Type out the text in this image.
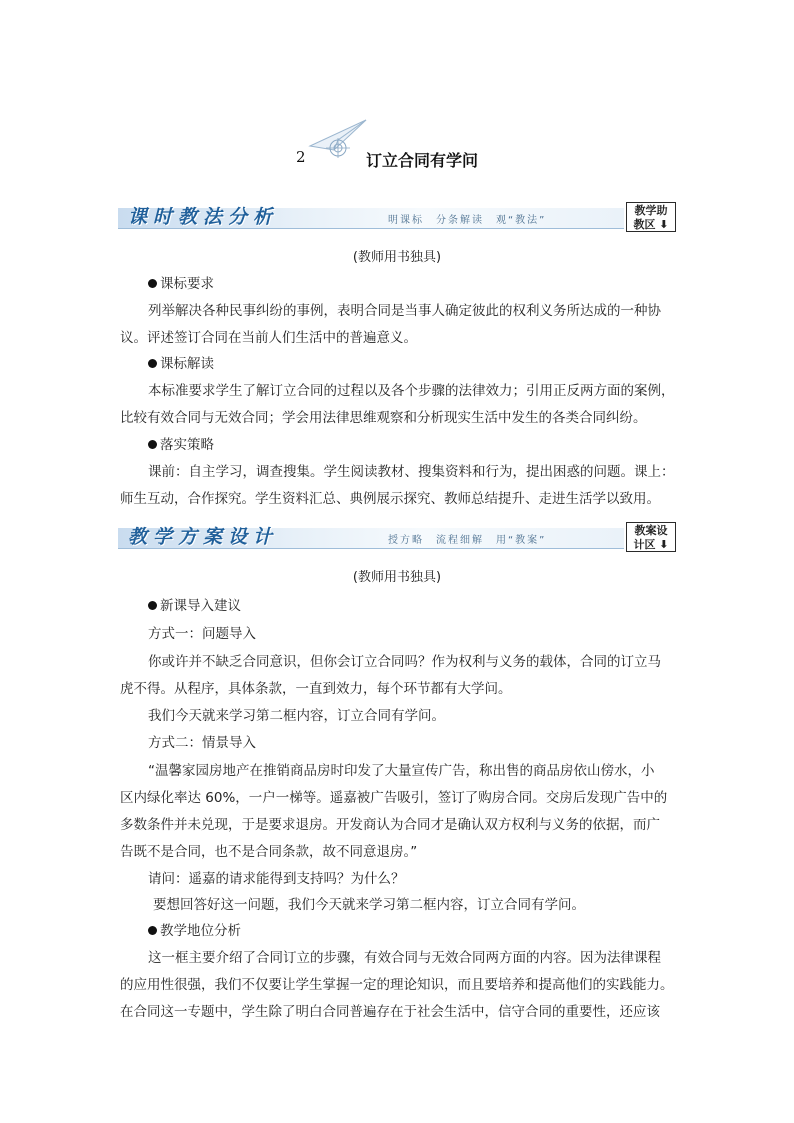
2	订立合同有学问
课时教法分析	明课标　分条解读　观“教法”
教学助
教区 ⬇
(教师用书独具)
课标要求
列举解决各种民事纠纷的事例，表明合同是当事人确定彼此的权利义务所达成的一种协
议。评述签订合同在当前人们生活中的普遍意义。
课标解读
本标准要求学生了解订立合同的过程以及各个步骤的法律效力；引用正反两方面的案例，
比较有效合同与无效合同；学会用法律思维观察和分析现实生活中发生的各类合同纠纷。
落实策略
课前：自主学习，调查搜集。学生阅读教材、搜集资料和行为，提出困惑的问题。课上：
师生互动，合作探究。学生资料汇总、典例展示探究、教师总结提升、走进生活学以致用。
教学方案设计	授方略　流程细解　用“教案”
教案设
计区 ⬇
(教师用书独具)
新课导入建议
方式一：问题导入
你或许并不缺乏合同意识，但你会订立合同吗？作为权利与义务的载体，合同的订立马
虎不得。从程序，具体条款，一直到效力，每个环节都有大学问。
我们今天就来学习第二框内容，订立合同有学问。
方式二：情景导入
“温馨家园房地产在推销商品房时印发了大量宣传广告，称出售的商品房依山傍水，小
区内绿化率达 60%，一户一梯等。遥嘉被广告吸引，签订了购房合同。交房后发现广告中的
多数条件并未兑现，于是要求退房。开发商认为合同才是确认双方权利与义务的依据，而广
告既不是合同，也不是合同条款，故不同意退房。”
请问：遥嘉的请求能得到支持吗？为什么？
要想回答好这一问题，我们今天就来学习第二框内容，订立合同有学问。
教学地位分析
这一框主要介绍了合同订立的步骤，有效合同与无效合同两方面的内容。因为法律课程
的应用性很强，我们不仅要让学生掌握一定的理论知识，而且要培养和提高他们的实践能力。
在合同这一专题中，学生除了明白合同普遍存在于社会生活中，信守合同的重要性，还应该
